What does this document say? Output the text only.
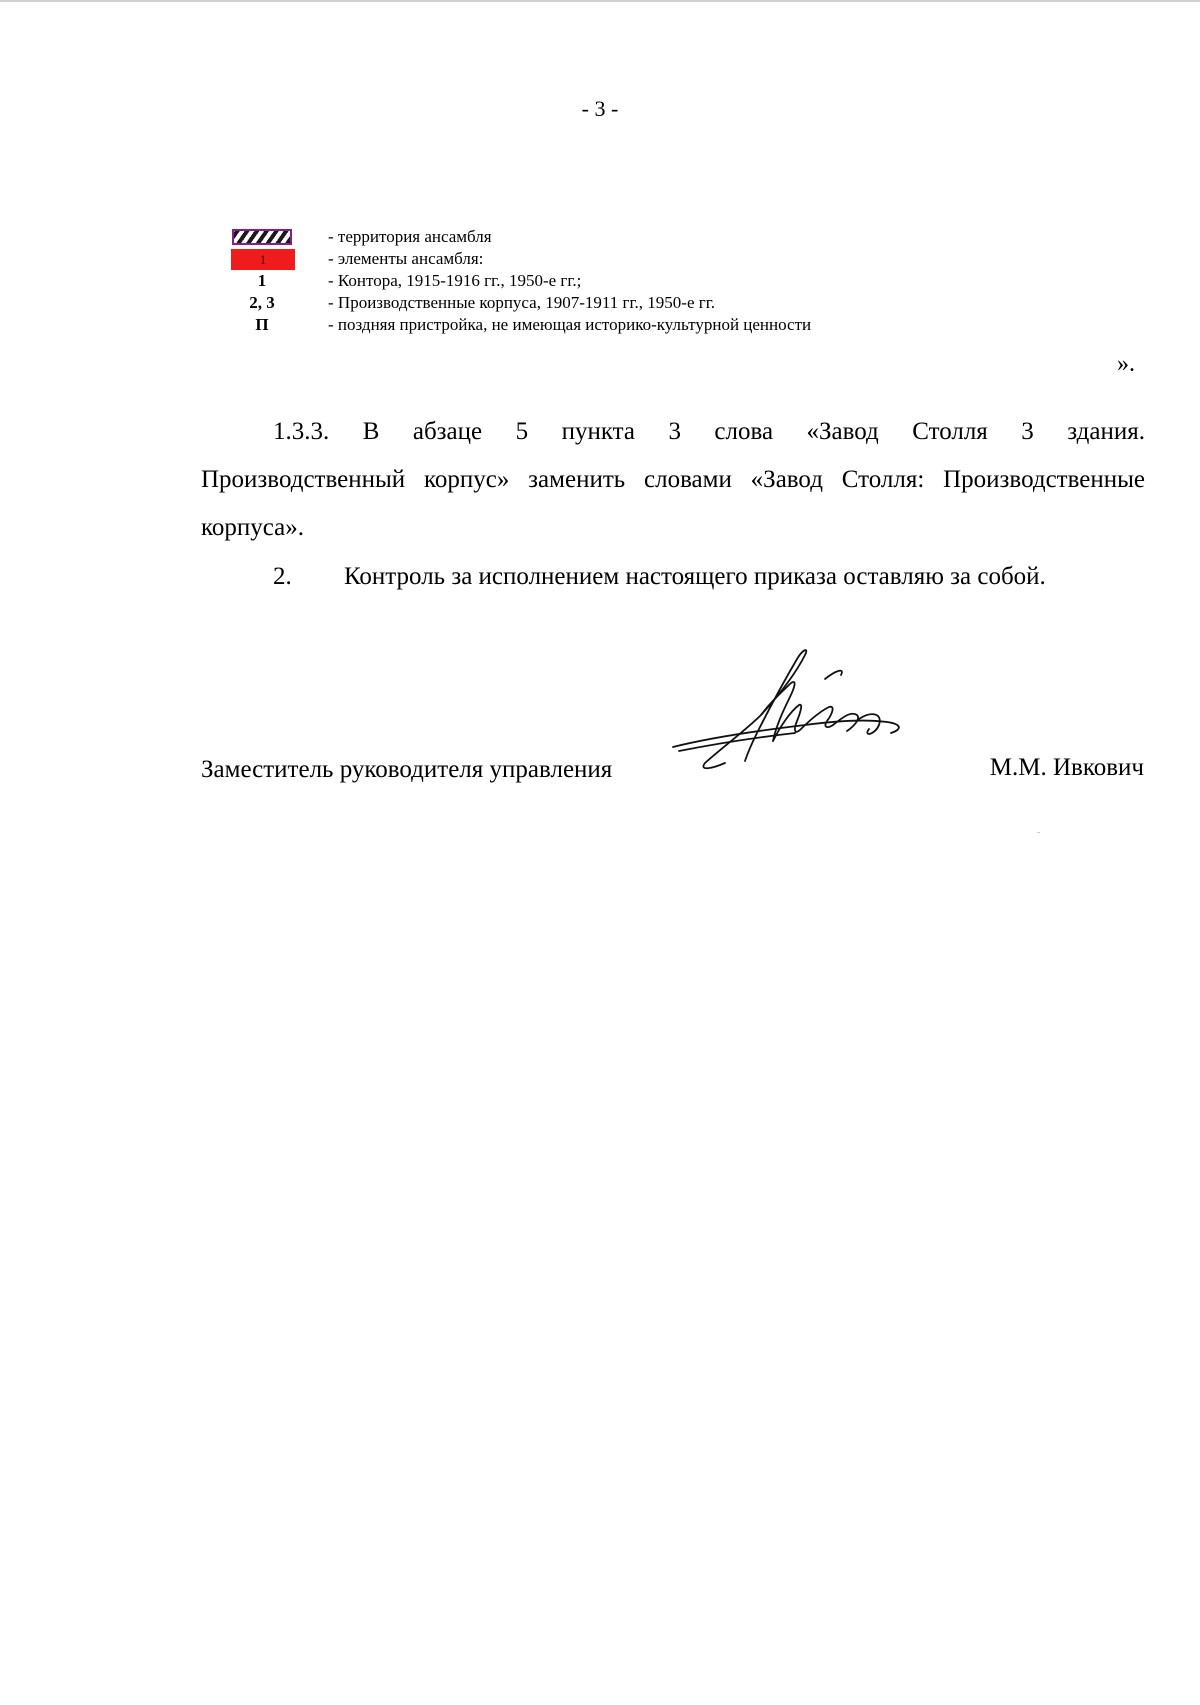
- 3 -
- территория ансамбля
1	- элементы ансамбля:
1	- Контора, 1915-1916 гг., 1950-е гг.;
2, 3	- Производственные корпуса, 1907-1911 гг., 1950-е гг.
П	- поздняя пристройка, не имеющая историко-культурной ценности
».
1.3.3. В абзаце 5 пункта 3 слова «Завод Столля 3 здания.
Производственный корпус» заменить словами «Завод Столля: Производственные корпуса».
2. Контроль за исполнением настоящего приказа оставляю за собой.
Заместитель руководителя управления	М.М. Ивкович
